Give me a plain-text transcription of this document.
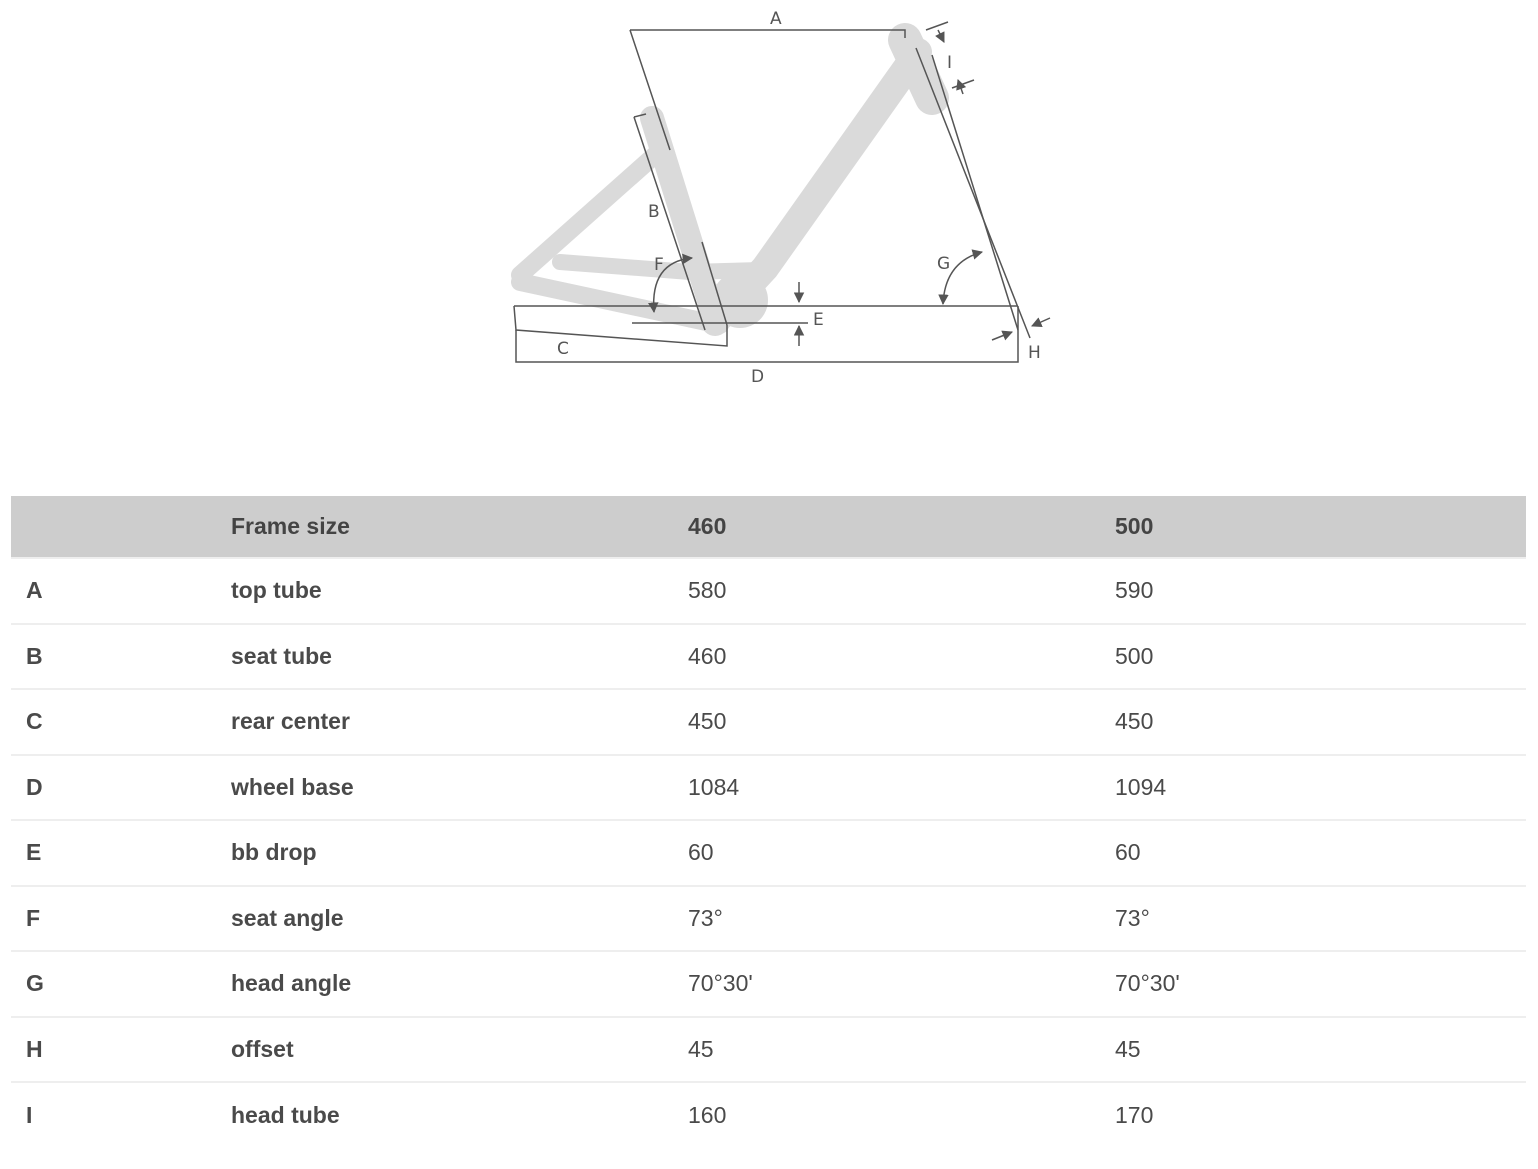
A
B
C
D
E
F	G
H
I
	Frame size	460	500
A	top tube	580	590
B	seat tube	460	500
C	rear center	450	450
D	wheel base	1084	1094
E	bb drop	60	60
F	seat angle	73°	73°
G	head angle	70°30'	70°30'
H	offset	45	45
I	head tube	160	170
